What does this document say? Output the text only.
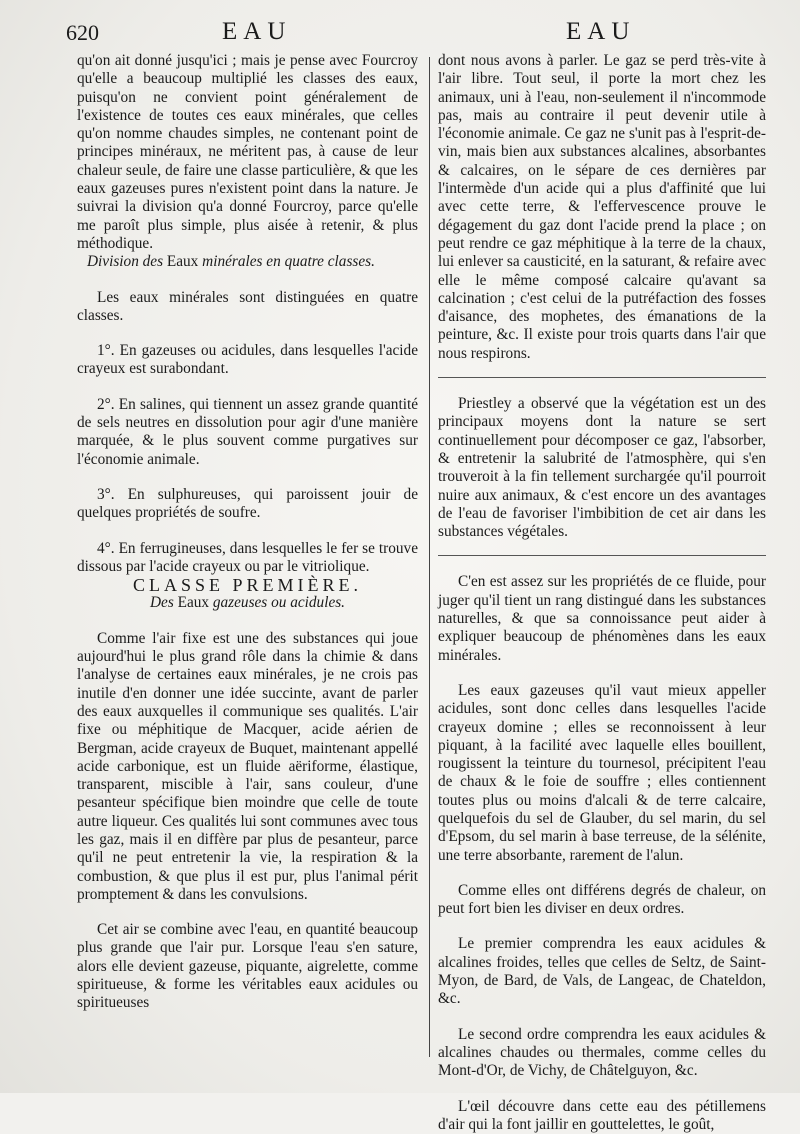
620	EAU	EAU

qu'on ait donné jusqu'ici ; mais je pense avec Fourcroy qu'elle a beaucoup multiplié les classes des eaux, puisqu'on ne convient point généralement de l'existence de toutes ces eaux minérales, que celles qu'on nomme chaudes simples, ne contenant point de principes minéraux, ne méritent pas, à cause de leur chaleur seule, de faire une classe particulière, & que les eaux gazeuses pures n'existent point dans la nature. Je suivrai la division qu'a donné Fourcroy, parce qu'elle me paroît plus simple, plus aisée à retenir, & plus méthodique.

Division des Eaux minérales en quatre classes.

Les eaux minérales sont distinguées en quatre classes.

1°. En gazeuses ou acidules, dans lesquelles l'acide crayeux est surabondant.

2°. En salines, qui tiennent un assez grande quantité de sels neutres en dissolution pour agir d'une manière marquée, & le plus souvent comme purgatives sur l'économie animale.

3°. En sulphureuses, qui paroissent jouir de quelques propriétés de soufre.

4°. En ferrugineuses, dans lesquelles le fer se trouve dissous par l'acide crayeux ou par le vitriolique.

CLASSE PREMIÈRE.

Des Eaux gazeuses ou acidules.

Comme l'air fixe est une des substances qui joue aujourd'hui le plus grand rôle dans la chimie & dans l'analyse de certaines eaux minérales, je ne crois pas inutile d'en donner une idée succinte, avant de parler des eaux auxquelles il communique ses qualités. L'air fixe ou méphitique de Macquer, acide aérien de Bergman, acide crayeux de Buquet, maintenant appellé acide carbonique, est un fluide aëriforme, élastique, transparent, miscible à l'air, sans couleur, d'une pesanteur spécifique bien moindre que celle de toute autre liqueur. Ces qualités lui sont communes avec tous les gaz, mais il en diffère par plus de pesanteur, parce qu'il ne peut entretenir la vie, la respiration & la combustion, & que plus il est pur, plus l'animal périt promptement & dans les convulsions.

Cet air se combine avec l'eau, en quantité beaucoup plus grande que l'air pur. Lorsque l'eau s'en sature, alors elle devient gazeuse, piquante, aigrelette, comme spiritueuse, & forme les véritables eaux acidules ou spiritueuses

dont nous avons à parler. Le gaz se perd très-vite à l'air libre. Tout seul, il porte la mort chez les animaux, uni à l'eau, non-seulement il n'incommode pas, mais au contraire il peut devenir utile à l'économie animale. Ce gaz ne s'unit pas à l'esprit-de-vin, mais bien aux substances alcalines, absorbantes & calcaires, on le sépare de ces dernières par l'intermède d'un acide qui a plus d'affinité que lui avec cette terre, & l'effervescence prouve le dégagement du gaz dont l'acide prend la place ; on peut rendre ce gaz méphitique à la terre de la chaux, lui enlever sa causticité, en la saturant, & refaire avec elle le même composé calcaire qu'avant sa calcination ; c'est celui de la putréfaction des fosses d'aisance, des mophetes, des émanations de la peinture, &c. Il existe pour trois quarts dans l'air que nous respirons.

Priestley a observé que la végétation est un des principaux moyens dont la nature se sert continuellement pour décomposer ce gaz, l'absorber, & entretenir la salubrité de l'atmosphère, qui s'en trouveroit à la fin tellement surchargée qu'il pourroit nuire aux animaux, & c'est encore un des avantages de l'eau de favoriser l'imbibition de cet air dans les substances végétales.

C'en est assez sur les propriétés de ce fluide, pour juger qu'il tient un rang distingué dans les substances naturelles, & que sa connoissance peut aider à expliquer beaucoup de phénomènes dans les eaux minérales.

Les eaux gazeuses qu'il vaut mieux appeller acidules, sont donc celles dans lesquelles l'acide crayeux domine ; elles se reconnoissent à leur piquant, à la facilité avec laquelle elles bouillent, rougissent la teinture du tournesol, précipitent l'eau de chaux & le foie de souffre ; elles contiennent toutes plus ou moins d'alcali & de terre calcaire, quelquefois du sel de Glauber, du sel marin, du sel d'Epsom, du sel marin à base terreuse, de la sélénite, une terre absorbante, rarement de l'alun.

Comme elles ont différens degrés de chaleur, on peut fort bien les diviser en deux ordres.

Le premier comprendra les eaux acidules & alcalines froides, telles que celles de Seltz, de Saint-Myon, de Bard, de Vals, de Langeac, de Chateldon, &c.

Le second ordre comprendra les eaux acidules & alcalines chaudes ou thermales, comme celles du Mont-d'Or, de Vichy, de Châtelguyon, &c.

L'œil découvre dans cette eau des pétillemens d'air qui la font jaillir en gouttelettes, le goût,
